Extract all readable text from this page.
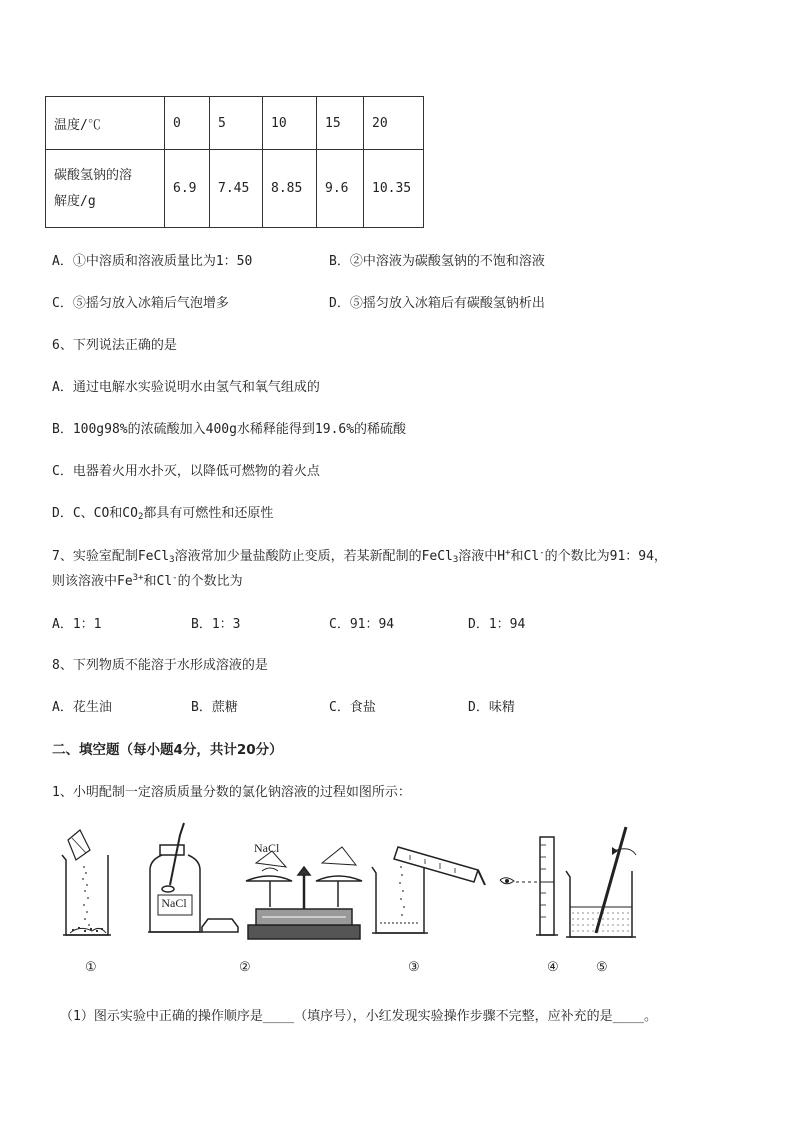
温度/℃	0	5	10	15	20
碳酸氢钠的溶
解度/g	6.9	7.45	8.85	9.6	10.35
A．①中溶质和溶液质量比为1：50	B．②中溶液为碳酸氢钠的不饱和溶液
C．⑤摇匀放入冰箱后气泡增多	D．⑤摇匀放入冰箱后有碳酸氢钠析出
6、下列说法正确的是
A．通过电解水实验说明水由氢气和氧气组成的
B．100g98%的浓硫酸加入400g水稀释能得到19.6%的稀硫酸
C．电器着火用水扑灭，以降低可燃物的着火点
D．C、CO和$CO_2$都具有可燃性和还原性
7、实验室配制FeCl$_3$溶液常加少量盐酸防止变质，若某新配制的FeCl$_3$溶液中H+和Cl-的个数比为91：94，
则该溶液中$Fe^{3+}$和Cl-的个数比为
A．1：1	B．1：3	C．91：94	D．1：94
8、下列物质不能溶于水形成溶液的是
A．花生油	B．蔗糖	C．食盐	D．味精
二、填空题（每小题4分，共计20分）
1、小明配制一定溶质质量分数的氯化钠溶液的过程如图所示：
NaCl
NaCl
①	②	③	④	⑤
（1）图示实验中正确的操作顺序是____（填序号），小红发现实验操作步骤不完整，应补充的是____。
